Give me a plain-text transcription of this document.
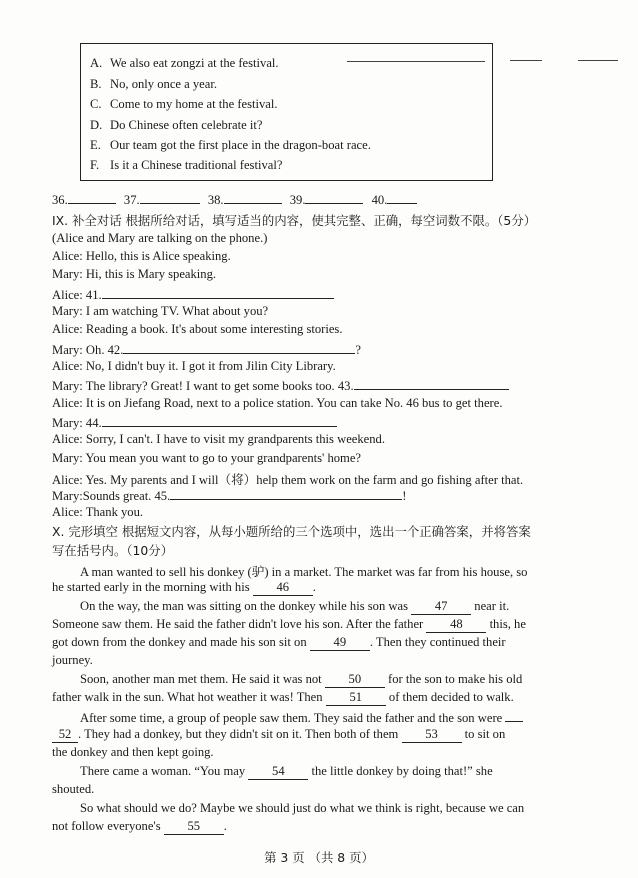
A. We also eat zongzi at the festival.
B. No, only once a year.
C. Come to my home at the festival.
D. Do Chinese often celebrate it?
E. Our team got the first place in the dragon-boat race.
F. Is it a Chinese traditional festival?
36.	37.	38.	39.	40.
IX. 补全对话 根据所给对话，填写适当的内容，使其完整、正确，每空词数不限。（5分）
(Alice and Mary are talking on the phone.)
Alice: Hello, this is Alice speaking.
Mary: Hi, this is Mary speaking.
Alice: 41.
Mary: I am watching TV. What about you?
Alice: Reading a book. It's about some interesting stories.
Mary: Oh. 42.	?
Alice: No, I didn't buy it. I got it from Jilin City Library.
Mary: The library? Great! I want to get some books too. 43.
Alice: It is on Jiefang Road, next to a police station. You can take No. 46 bus to get there.
Mary: 44.
Alice: Sorry, I can't. I have to visit my grandparents this weekend.
Mary: You mean you want to go to your grandparents' home?
Alice: Yes. My parents and I will（将）help them work on the farm and go fishing after that.
Mary:Sounds great. 45.	!
Alice: Thank you.
X. 完形填空 根据短文内容，从每小题所给的三个选项中，选出一个正确答案，并将答案
写在括号内。（10分）
A man wanted to sell his donkey (驴) in a market. The market was far from his house, so
he started early in the morning with his 46 .
On the way, the man was sitting on the donkey while his son was 47 near it.
Someone saw them. He said the father didn't love his son. After the father 48 this, he
got down from the donkey and made his son sit on 49 . Then they continued their
journey.
Soon, another man met them. He said it was not 50 for the son to make his old
father walk in the sun. What hot weather it was! Then 51 of them decided to walk.
After some time, a group of people saw them. They said the father and the son were
52 . They had a donkey, but they didn't sit on it. Then both of them 53 to sit on
the donkey and then kept going.
There came a woman. “You may 54 the little donkey by doing that!” she
shouted.
So what should we do? Maybe we should just do what we think is right, because we can
not follow everyone's 55 .
第 3 页 （共 8 页）
